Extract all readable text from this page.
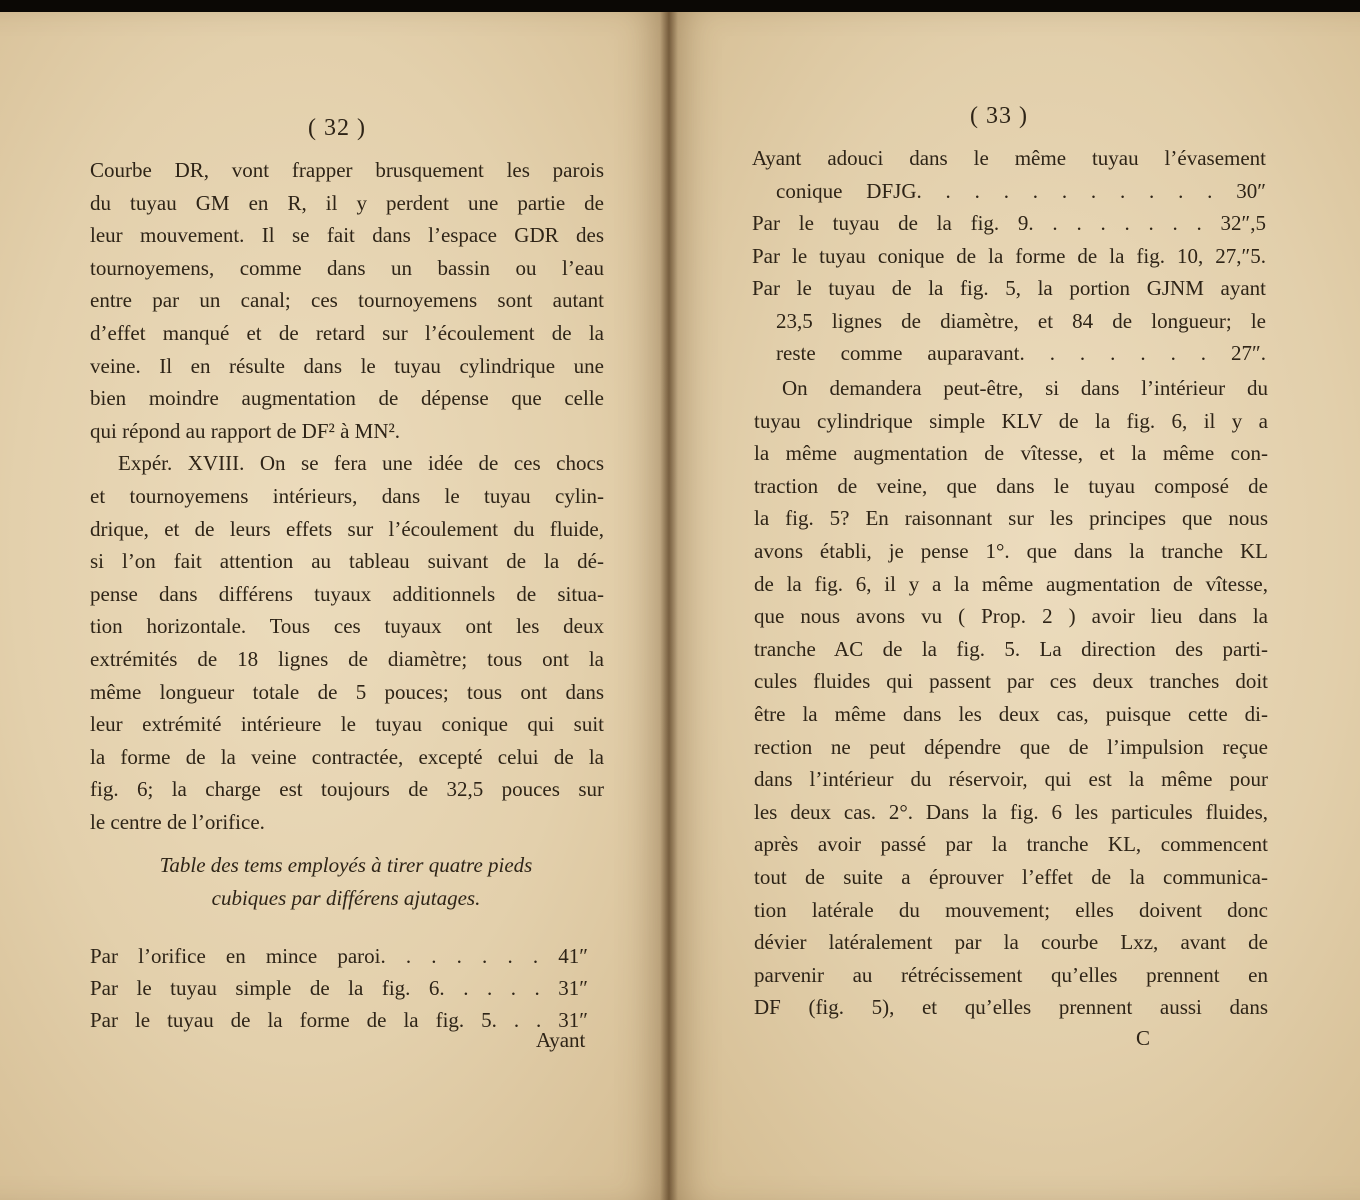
( 32 )
Courbe DR, vont frapper brusquement les parois
du tuyau GM en R, il y perdent une partie de
leur mouvement. Il se fait dans l’espace GDR des
tournoyemens, comme dans un bassin ou l’eau
entre par un canal; ces tournoyemens sont autant
d’effet manqué et de retard sur l’écoulement de la
veine. Il en résulte dans le tuyau cylindrique une
bien moindre augmentation de dépense que celle
qui répond au rapport de DF² à MN².
Expér. XVIII. On se fera une idée de ces chocs
et tournoyemens intérieurs, dans le tuyau cylin-
drique, et de leurs effets sur l’écoulement du fluide,
si l’on fait attention au tableau suivant de la dé-
pense dans différens tuyaux additionnels de situa-
tion horizontale. Tous ces tuyaux ont les deux
extrémités de 18 lignes de diamètre; tous ont la
même longueur totale de 5 pouces; tous ont dans
leur extrémité intérieure le tuyau conique qui suit
la forme de la veine contractée, excepté celui de la
fig. 6; la charge est toujours de 32,5 pouces sur
le centre de l’orifice.
Table des tems employés à tirer quatre pieds
cubiques par différens ajutages.
Par l’orifice en mince paroi. . . . . . . 41″
Par le tuyau simple de la fig. 6. . . . . 31″
Par le tuyau de la forme de la fig. 5. . . 31″
Ayant
( 33 )
Ayant adouci dans le même tuyau l’évasement
conique DFJG. . . . . . . . . . . 30″
Par le tuyau de la fig. 9. . . . . . . . 32″,5
Par le tuyau conique de la forme de la fig. 10, 27,″5.
Par le tuyau de la fig. 5, la portion GJNM ayant
23,5 lignes de diamètre, et 84 de longueur; le
reste comme auparavant. . . . . . . 27″.
On demandera peut-être, si dans l’intérieur du
tuyau cylindrique simple KLV de la fig. 6, il y a
la même augmentation de vîtesse, et la même con-
traction de veine, que dans le tuyau composé de
la fig. 5? En raisonnant sur les principes que nous
avons établi, je pense 1°. que dans la tranche KL
de la fig. 6, il y a la même augmentation de vîtesse,
que nous avons vu ( Prop. 2 ) avoir lieu dans la
tranche AC de la fig. 5. La direction des parti-
cules fluides qui passent par ces deux tranches doit
être la même dans les deux cas, puisque cette di-
rection ne peut dépendre que de l’impulsion reçue
dans l’intérieur du réservoir, qui est la même pour
les deux cas. 2°. Dans la fig. 6 les particules fluides,
après avoir passé par la tranche KL, commencent
tout de suite a éprouver l’effet de la communica-
tion latérale du mouvement; elles doivent donc
dévier latéralement par la courbe Lxz, avant de
parvenir au rétrécissement qu’elles prennent en
DF (fig. 5), et qu’elles prennent aussi dans
C
